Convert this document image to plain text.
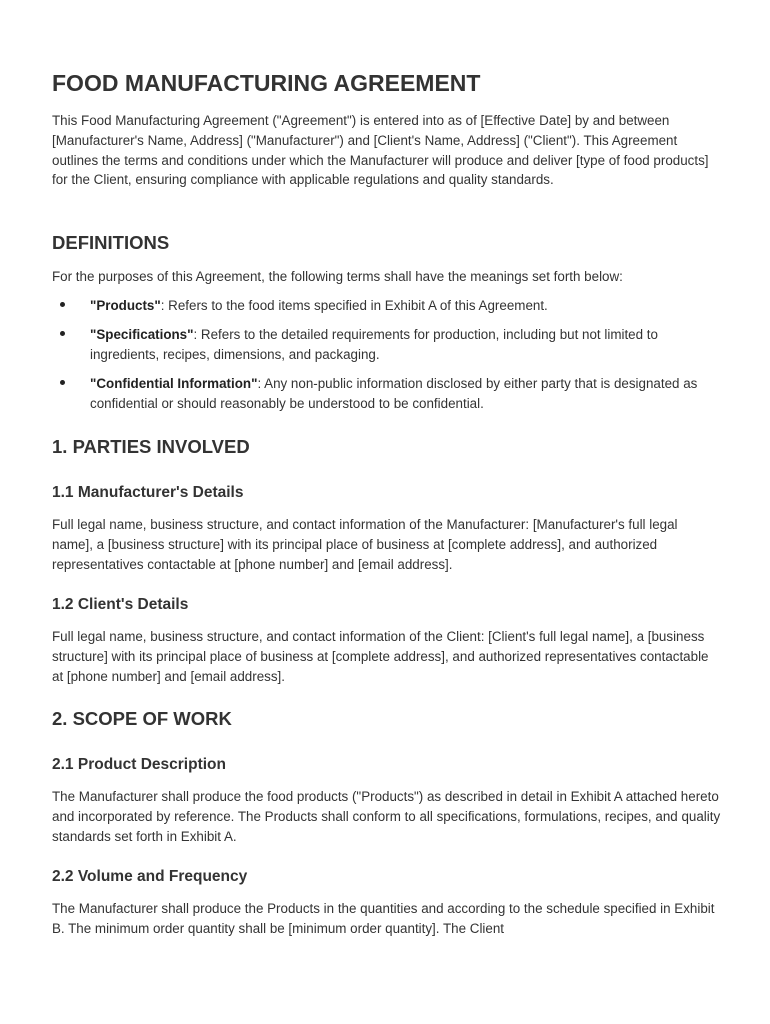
FOOD MANUFACTURING AGREEMENT

This Food Manufacturing Agreement ("Agreement") is entered into as of [Effective Date] by and between [Manufacturer's Name, Address] ("Manufacturer") and [Client's Name, Address] ("Client"). This Agreement outlines the terms and conditions under which the Manufacturer will produce and deliver [type of food products] for the Client, ensuring compliance with applicable regulations and quality standards.

DEFINITIONS

For the purposes of this Agreement, the following terms shall have the meanings set forth below:

"Products": Refers to the food items specified in Exhibit A of this Agreement.
"Specifications": Refers to the detailed requirements for production, including but not limited to ingredients, recipes, dimensions, and packaging.
"Confidential Information": Any non-public information disclosed by either party that is designated as confidential or should reasonably be understood to be confidential.
1. PARTIES INVOLVED
1.1 Manufacturer's Details

Full legal name, business structure, and contact information of the Manufacturer: [Manufacturer's full legal name], a [business structure] with its principal place of business at [complete address], and authorized representatives contactable at [phone number] and [email address].

1.2 Client's Details

Full legal name, business structure, and contact information of the Client: [Client's full legal name], a [business structure] with its principal place of business at [complete address], and authorized representatives contactable at [phone number] and [email address].

2. SCOPE OF WORK
2.1 Product Description

The Manufacturer shall produce the food products ("Products") as described in detail in Exhibit A attached hereto and incorporated by reference. The Products shall conform to all specifications, formulations, recipes, and quality standards set forth in Exhibit A.

2.2 Volume and Frequency

The Manufacturer shall produce the Products in the quantities and according to the schedule specified in Exhibit B. The minimum order quantity shall be [minimum order quantity]. The Client
